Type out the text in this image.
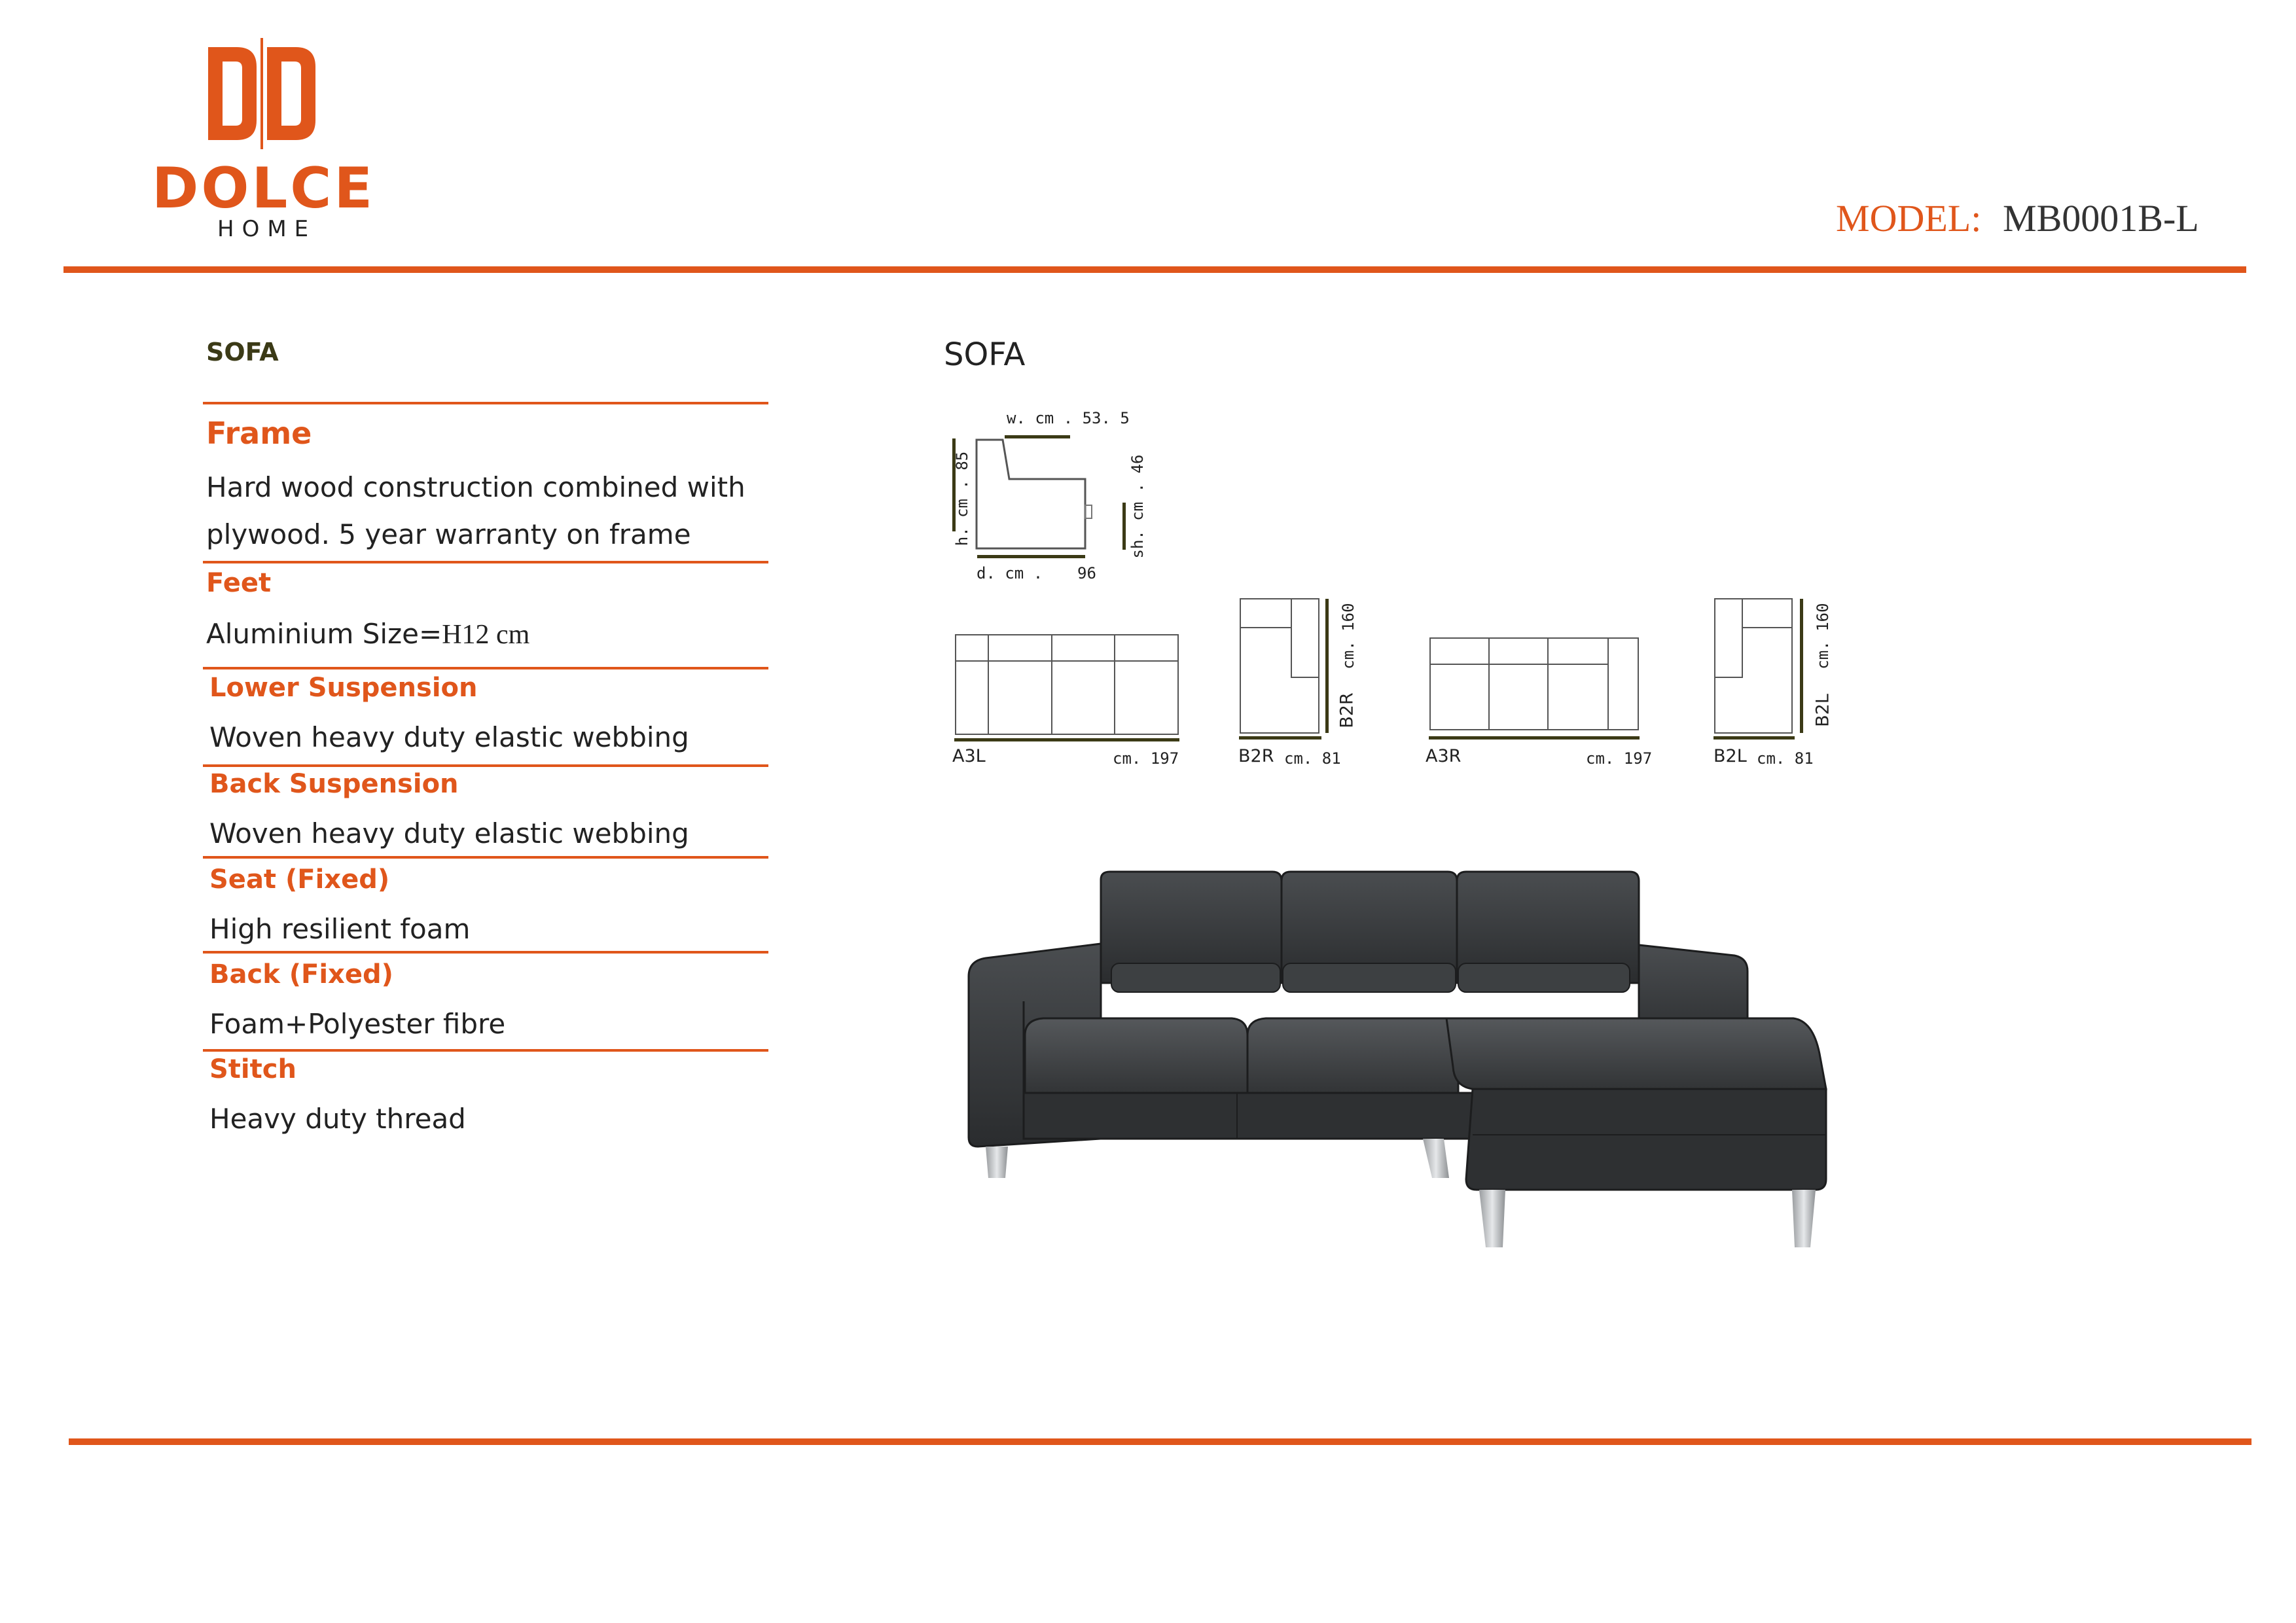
DOLCE
HOME	MODEL: MB0001B-L
SOFA
Frame
Hard wood construction combined with
plywood. 5 year warranty on frame
Feet
Aluminium Size=H12 cm
Lower Suspension
Woven heavy duty elastic webbing
Back Suspension
Woven heavy duty elastic webbing
Seat (Fixed)
High resilient foam
Back (Fixed)
Foam+Polyester fibre
Stitch
Heavy duty thread
SOFA
w. cm . 53. 5
h. cm . 85	sh. cm . 46
d. cm . 96
A3L	cm. 197
cm. 160
B2R
B2R cm. 81	A3R	cm. 197
cm. 160
B2L
B2L cm. 81
